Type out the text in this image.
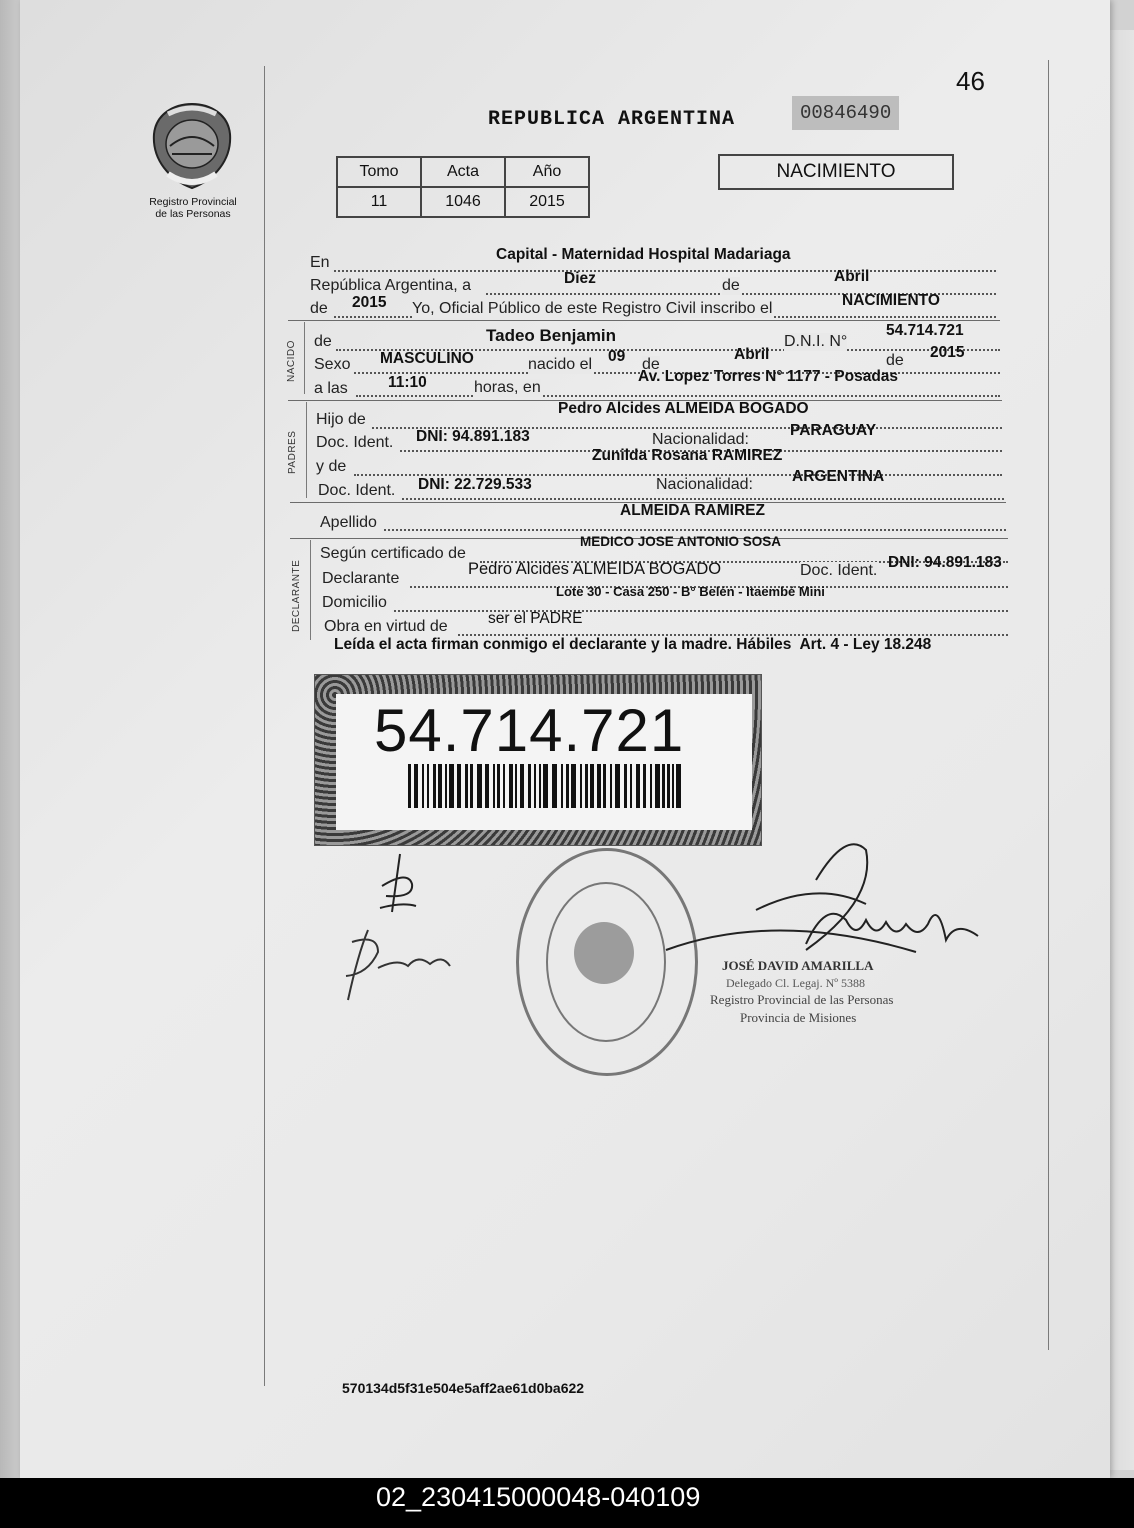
Registro Provincial
de las Personas
46
REPUBLICA ARGENTINA	00846490
Tomo	Acta	Año
11	1046	2015
NACIMIENTO
En	Capital - Maternidad Hospital Madariaga
República Argentina, a	Diez	de
Abril
de 2015 Yo, Oficial Público de este Registro Civil inscribo el	NACIMIENTO
NACIDO de	Tadeo Benjamin	D.N.I. N°
54.714.721
Sexo MASCULINO	nacido el 09 de
Abril	de 2015
a las	11:10	horas, en
Av. Lopez Torres N° 1177 - Posadas
PADRES
Hijo de
Pedro Alcides ALMEIDA BOGADO
Doc. Ident. DNI: 94.891.183	Nacionalidad:
PARAGUAY
y de
Zunilda Rosana RAMIREZ
Doc. Ident. DNI: 22.729.533	Nacionalidad:	ARGENTINA
Apellido
ALMEIDA RAMIREZ
DECLARANTE
Según certificado de
MEDICO JOSE ANTONIO SOSA
Declarante
Pedro Alcides ALMEIDA BOGADO	Doc. Ident. DNI: 94.891.183
Domicilio
Lote 30 - Casa 250 - B° Belén - Itaembé Mini
Obra en virtud de	ser el PADRE
Leída el acta firman conmigo el declarante y la madre. Hábiles  Art. 4 - Ley 18.248
54.714.721
JOSÉ DAVID AMARILLA
Delegado Cl. Legaj. Nº 5388
Registro Provincial de las Personas
Provincia de Misiones
570134d5f31e504e5aff2ae61d0ba622
02_230415000048-040109
